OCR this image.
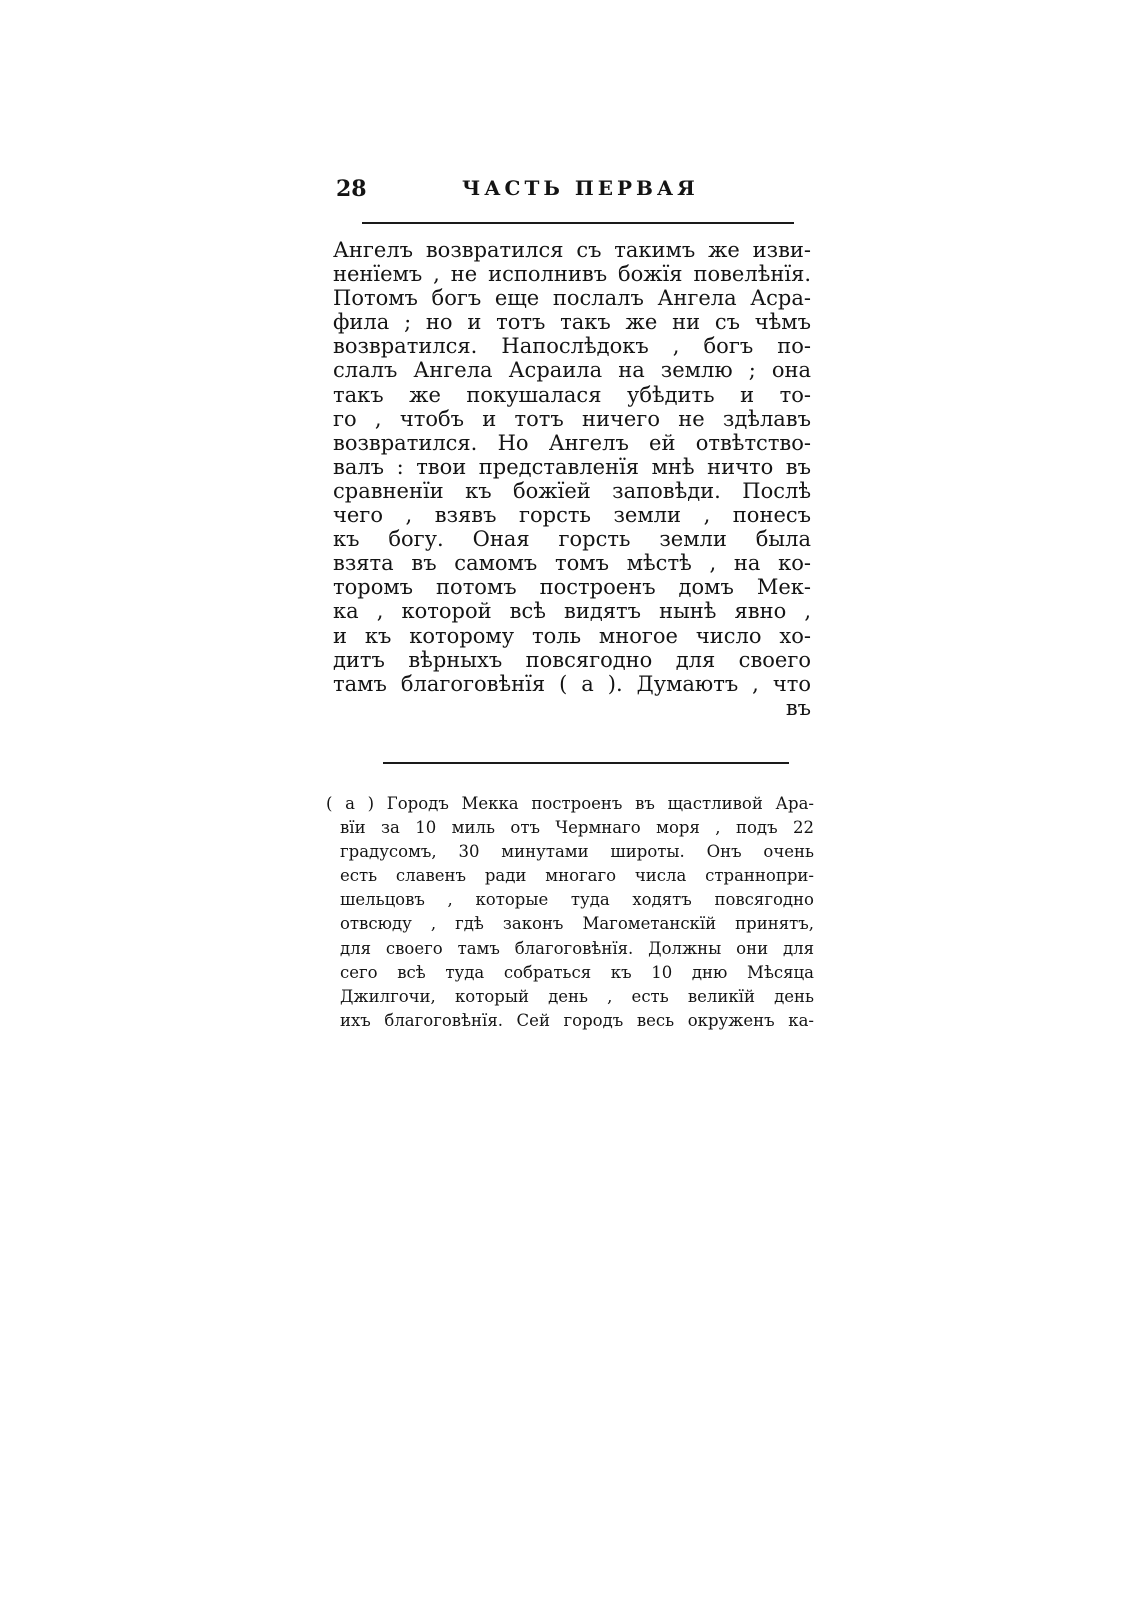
28	ЧАСТЬ ПЕРВАЯ
Ангелъ возвратился съ такимъ же изви-
ненїемъ , не исполнивъ божїя повелѣнїя.
Потомъ богъ еще послалъ Ангела Асра-
фила ; но и тотъ такъ же ни съ чѣмъ
возвратился. Напослѣдокъ , богъ по-
слалъ Ангела Асраила на землю ; она
такъ же покушалася убѣдить и то-
го , чтобъ и тотъ ничего не здѣлавъ
возвратился. Но Ангелъ ей отвѣтство-
валъ : твои представленїя мнѣ ничто въ
сравненїи къ божїей заповѣди. Послѣ
чего , взявъ горсть земли , понесъ
къ богу. Оная горсть земли была
взята въ самомъ томъ мѣстѣ , на ко-
торомъ потомъ построенъ домъ Мек-
ка , которой всѣ видятъ нынѣ явно ,
и къ которому толь многое число хо-
дитъ вѣрныхъ повсягодно для своего
тамъ благоговѣнїя ( a ). Думаютъ , что
въ
( a ) Городъ Мекка построенъ въ щастливой Ара-
вїи за 10 миль отъ Чермнаго моря , подъ 22
градусомъ, 30 минутами широты. Онъ очень
есть славенъ ради многаго числа страннопри-
шельцовъ , которые туда ходятъ повсягодно
отвсюду , гдѣ законъ Магометанскїй принятъ,
для своего тамъ благоговѣнїя. Должны они для
сего всѣ туда собраться къ 10 дню Мѣсяца
Джилгочи, который день , есть великїй день
ихъ благоговѣнїя. Сей городъ весь окруженъ ка-
